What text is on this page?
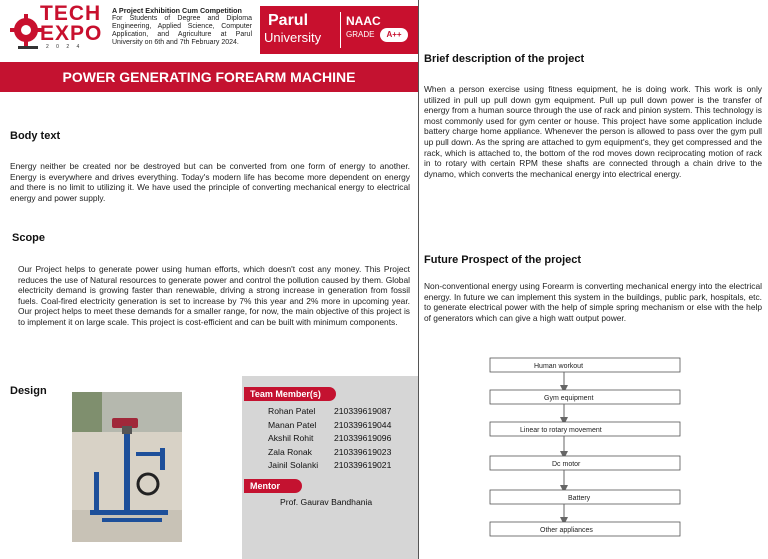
TECH
EXPO
2 0 2 4
A Project Exhibition Cum Competition
For Students of Degree and Diploma Engineering, Applied Science, Computer Application, and Agriculture at Parul University on 6th and 7th February 2024.
Parul
University
NAAC
GRADE	A++
POWER GENERATING FOREARM MACHINE
Body text
Energy neither be created nor be destroyed but can be converted from one form of energy to another. Energy is everywhere and drives everything. Today's modern life has become more dependent on energy and there is no limit to utilizing it. We have used the principle of converting mechanical energy to electrical energy and power supply.
Scope
Our Project helps to generate power using human efforts, which doesn't cost any money. This Project reduces the use of Natural resources to generate power and control the pollution caused by them. Global electricity demand is growing faster than renewable, driving a strong increase in generation from fossil fuels. Coal-fired electricity generation is set to increase by 7% this year and 2% more in upcoming year. Our project helps to meet these demands for a smaller range, for now, the main objective of this project is to implement it on large scale. This project is cost-efficient and can be built with minimum components.
Design	Team Member(s)
Rohan Patel 210339619087
Manan Patel 210339619044
Akshil Rohit 210339619096
Zala Ronak	210339619023
Jainil Solanki 210339619021
Mentor
Prof. Gaurav Bandhania
Brief description of the project
When a person exercise using fitness equipment, he is doing work. This work is only utilized in pull up pull down gym equipment. Pull up pull down power is the transfer of energy from a human source through the use of rack and pinion system. This technology is most commonly used for gym center or house. This project have some application include battery charge home appliance. Whenever the person is allowed to pass over the gym pull up pull down. As the spring are attached to gym equipment's, they get compressed and the rack, which is attached to, the bottom of the rod moves down reciprocating motion of rack in to rotary with certain RPM these shafts are connected through a chain drive to the dynamo, which converts the mechanical energy into electrical energy.
Future Prospect of the project
Non-conventional energy using Forearm is converting mechanical energy into the electrical energy. In future we can implement this system in the buildings, public park, hospitals, etc. to generate electrical power with the help of simple spring mechanism or else with the help of generators which can give a high watt output power.
Human workout
Gym equipment
Linear to rotary movement
Dc motor
Battery
Other appliances
